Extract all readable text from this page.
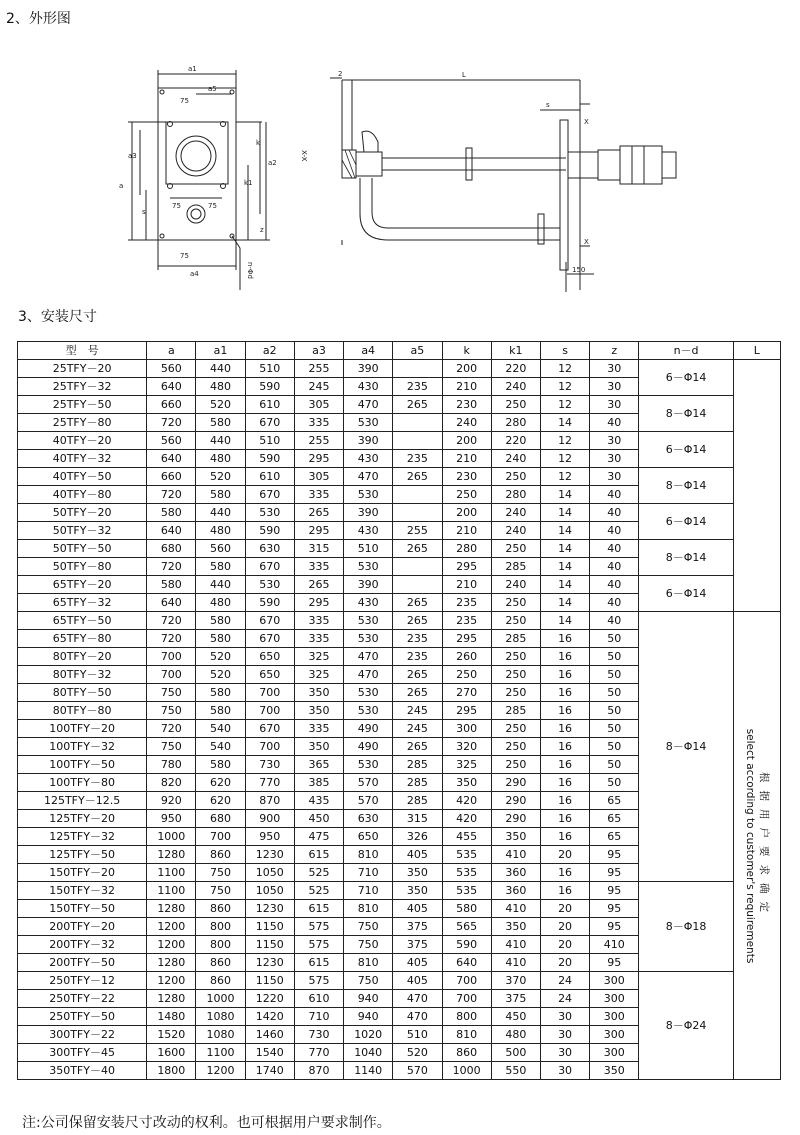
2、外形图
a1
a5
75
a3
a
k
a2
k1
s
z
75	75
75
a4	n-Φd
X-X
2	L
s
X
X
150
3、安装尺寸
型　号	a	a1	a2	a3	a4	a5	k	k1	s	z	n－d	L
25TFY－20	560	440	510	255	390		200	220	12	30	6－Φ14	
25TFY－32	640	480	590	245	430	235	210	240	12	30		
25TFY－50	660	520	610	305	470	265	230	250	12	30	8－Φ14	
25TFY－80	720	580	670	335	530		240	280	14	40		
40TFY－20	560	440	510	255	390		200	220	12	30	6－Φ14	
40TFY－32	640	480	590	295	430	235	210	240	12	30		
40TFY－50	660	520	610	305	470	265	230	250	12	30	8－Φ14	
40TFY－80	720	580	670	335	530		250	280	14	40		
50TFY－20	580	440	530	265	390		200	240	14	40	6－Φ14	
50TFY－32	640	480	590	295	430	255	210	240	14	40		
50TFY－50	680	560	630	315	510	265	280	250	14	40	8－Φ14	
50TFY－80	720	580	670	335	530		295	285	14	40		
65TFY－20	580	440	530	265	390		210	240	14	40	6－Φ14	
65TFY－32	640	480	590	295	430	265	235	250	14	40		
65TFY－50	720	580	670	335	530	265	235	250	14	40	8－Φ14	根据用户要求确定
select according to customer's requirements

65TFY－80	720	580	670	335	530	235	295	285	16	50		
80TFY－20	700	520	650	325	470	235	260	250	16	50		
80TFY－32	700	520	650	325	470	265	250	250	16	50		
80TFY－50	750	580	700	350	530	265	270	250	16	50		
80TFY－80	750	580	700	350	530	245	295	285	16	50		
100TFY－20	720	540	670	335	490	245	300	250	16	50		
100TFY－32	750	540	700	350	490	265	320	250	16	50		
100TFY－50	780	580	730	365	530	285	325	250	16	50		
100TFY－80	820	620	770	385	570	285	350	290	16	50		
125TFY－12.5	920	620	870	435	570	285	420	290	16	65		
125TFY－20	950	680	900	450	630	315	420	290	16	65		
125TFY－32	1000	700	950	475	650	326	455	350	16	65		
125TFY－50	1280	860	1230	615	810	405	535	410	20	95		
150TFY－20	1100	750	1050	525	710	350	535	360	16	95		
150TFY－32	1100	750	1050	525	710	350	535	360	16	95	8－Φ18	
150TFY－50	1280	860	1230	615	810	405	580	410	20	95		
200TFY－20	1200	800	1150	575	750	375	565	350	20	95		
200TFY－32	1200	800	1150	575	750	375	590	410	20	410		
200TFY－50	1280	860	1230	615	810	405	640	410	20	95		
250TFY－12	1200	860	1150	575	750	405	700	370	24	300	8－Φ24	
250TFY－22	1280	1000	1220	610	940	470	700	375	24	300		
250TFY－50	1480	1080	1420	710	940	470	800	450	30	300		
300TFY－22	1520	1080	1460	730	1020	510	810	480	30	300		
300TFY－45	1600	1100	1540	770	1040	520	860	500	30	300		
350TFY－40	1800	1200	1740	870	1140	570	1000	550	30	350		
注:公司保留安装尺寸改动的权利。也可根据用户要求制作。
